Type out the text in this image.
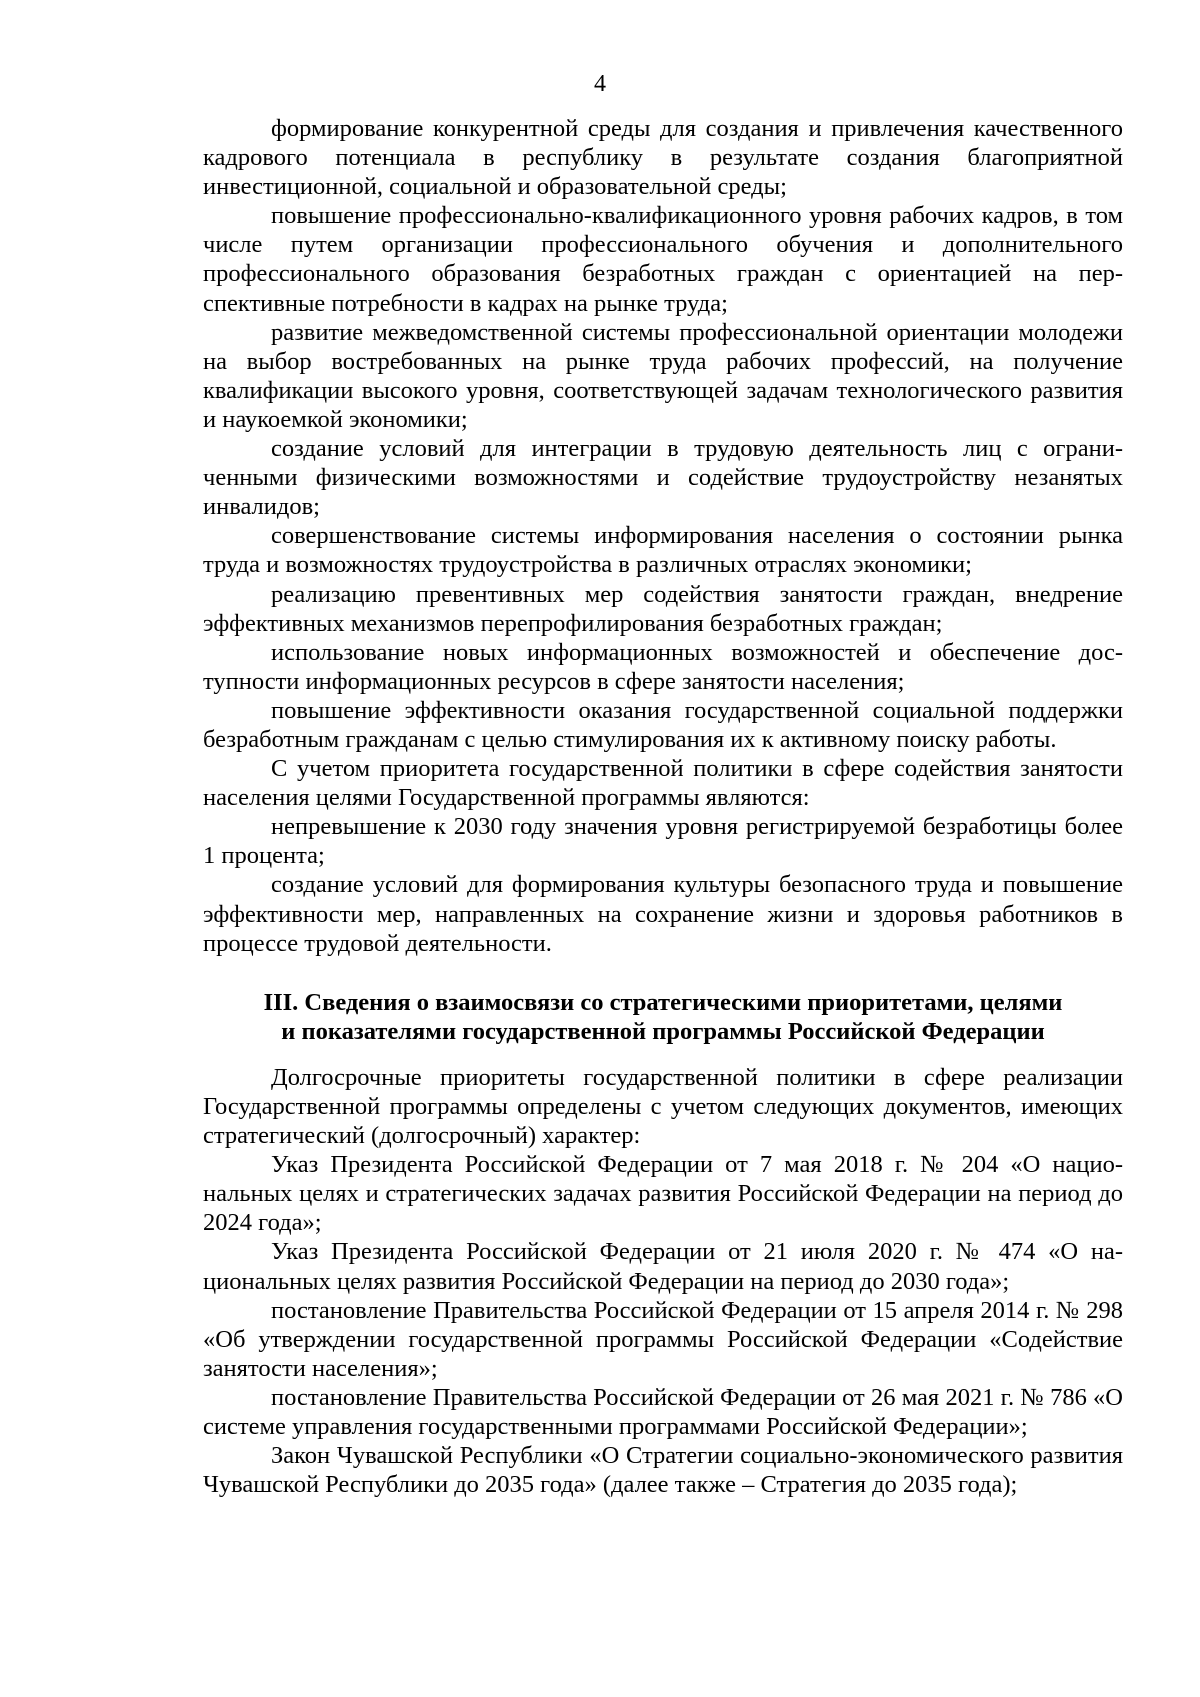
4

формирование конкурентной среды для создания и привлечения качественного кадрового потенциала в республику в результате создания благоприятной инвестиционной, социальной и образовательной среды;

повышение профессионально-квалификационного уровня рабочих кадров, в том числе путем организации профессионального обучения и дополнительного профессионального образования безработных граждан с ориентацией на перспективные потребности в кадрах на рынке труда;

развитие межведомственной системы профессиональной ориентации молодежи на выбор востребованных на рынке труда рабочих профессий, на получение квалификации высокого уровня, соответствующей задачам технологического развития и наукоемкой экономики;

создание условий для интеграции в трудовую деятельность лиц с ограниченными физическими возможностями и содействие трудоустройству незанятых инвалидов;

совершенствование системы информирования населения о состоянии рынка труда и возможностях трудоустройства в различных отраслях экономики;

реализацию превентивных мер содействия занятости граждан, внедрение эффективных механизмов перепрофилирования безработных граждан;

использование новых информационных возможностей и обеспечение доступности информационных ресурсов в сфере занятости населения;

повышение эффективности оказания государственной социальной поддержки безработным гражданам с целью стимулирования их к активному поиску работы.

С учетом приоритета государственной политики в сфере содействия занятости населения целями Государственной программы являются:

непревышение к 2030 году значения уровня регистрируемой безработицы более 1 процента;

создание условий для формирования культуры безопасного труда и повышение эффективности мер, направленных на сохранение жизни и здоровья работников в процессе трудовой деятельности.

III. Сведения о взаимосвязи со стратегическими приоритетами, целями
и показателями государственной программы Российской Федерации

Долгосрочные приоритеты государственной политики в сфере реализации Государственной программы определены с учетом следующих документов, имеющих стратегический (долгосрочный) характер:

Указ Президента Российской Федерации от 7 мая 2018 г. № 204 «О национальных целях и стратегических задачах развития Российской Федерации на период до 2024 года»;

Указ Президента Российской Федерации от 21 июля 2020 г. № 474 «О национальных целях развития Российской Федерации на период до 2030 года»;

постановление Правительства Российской Федерации от 15 апреля 2014 г. № 298 «Об утверждении государственной программы Российской Федерации «Содействие занятости населения»;

постановление Правительства Российской Федерации от 26 мая 2021 г. № 786 «О системе управления государственными программами Российской Федерации»;

Закон Чувашской Республики «О Стратегии социально-экономического развития Чувашской Республики до 2035 года» (далее также – Стратегия до 2035 года);
